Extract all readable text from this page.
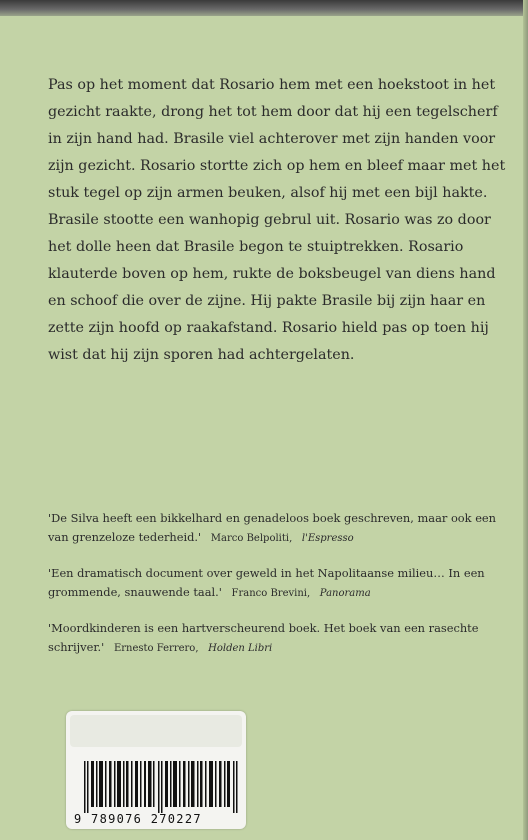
Pas op het moment dat Rosario hem met een hoekstoot in het gezicht raakte, drong het tot hem door dat hij een tegelscherf in zijn hand had. Brasile viel achterover met zijn handen voor zijn gezicht. Rosario stortte zich op hem en bleef maar met het stuk tegel op zijn armen beuken, alsof hij met een bijl hakte. Brasile stootte een wanhopig gebrul uit. Rosario was zo door het dolle heen dat Brasile begon te stuiptrekken. Rosario klauterde boven op hem, rukte de boksbeugel van diens hand en schoof die over de zijne. Hij pakte Brasile bij zijn haar en zette zijn hoofd op raakafstand. Rosario hield pas op toen hij wist dat hij zijn sporen had achtergelaten.

'De Silva heeft een bikkelhard en genadeloos boek geschreven, maar ook een van grenzeloze tederheid.' Marco Belpoliti, l'Espresso

'Een dramatisch document over geweld in het Napolitaanse milieu… In een grommende, snauwende taal.' Franco Brevini, Panorama

'Moordkinderen is een hartverscheurend boek. Het boek van een rasechte schrijver.' Ernesto Ferrero, Holden Libri

9 789076 270227
